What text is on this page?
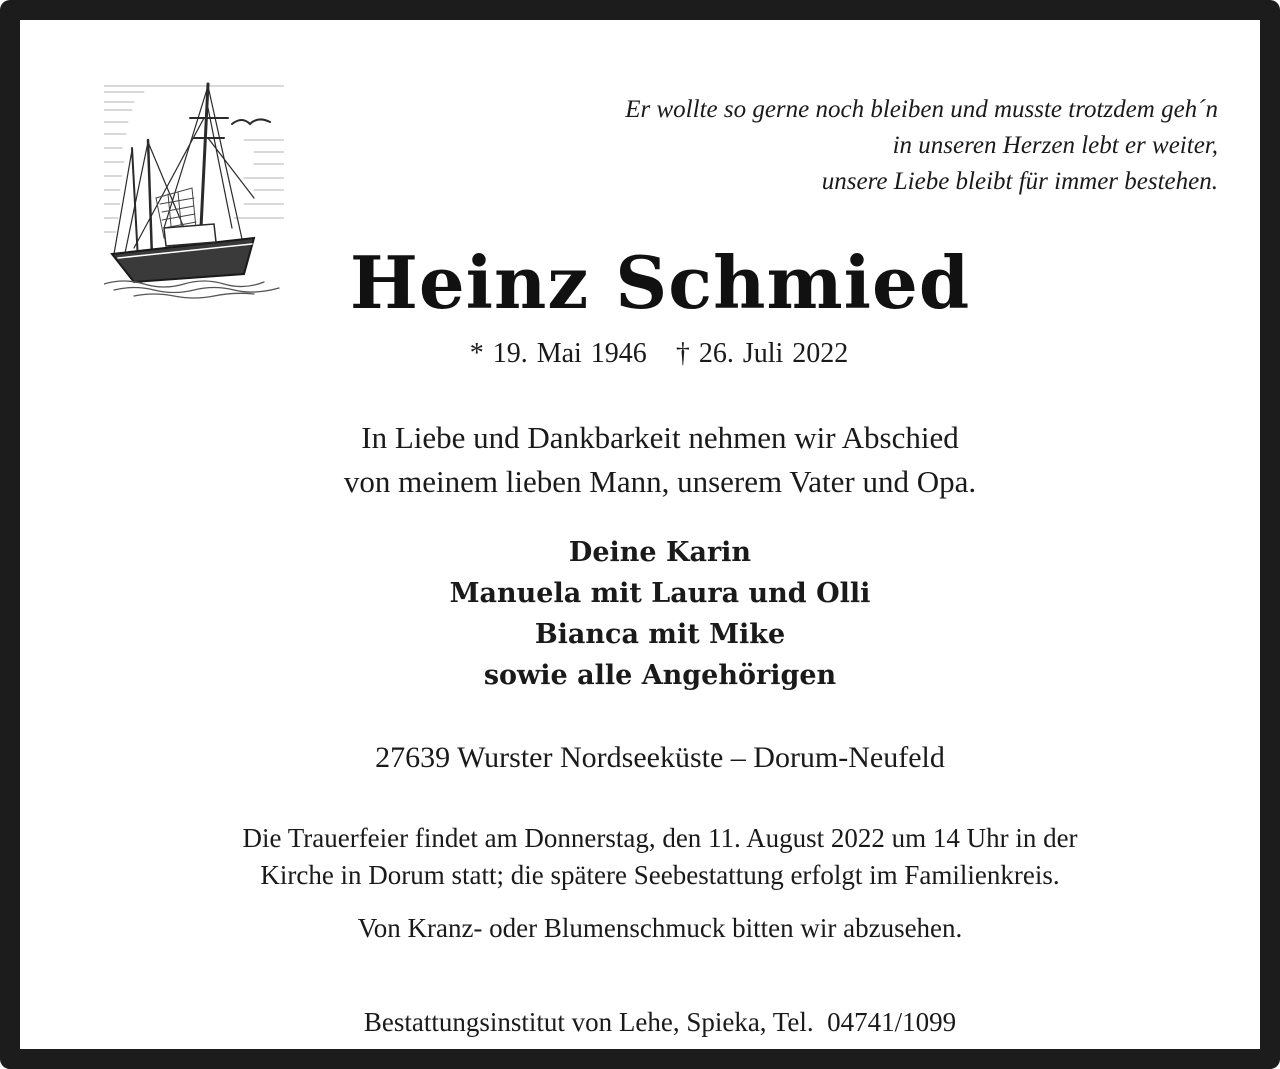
Er wollte so gerne noch bleiben und musste trotzdem geh´n
in unseren Herzen lebt er weiter,
unsere Liebe bleibt für immer bestehen.
Heinz Schmied
* 19. Mai 1946 † 26. Juli 2022
In Liebe und Dankbarkeit nehmen wir Abschied
von meinem lieben Mann, unserem Vater und Opa.
Deine Karin
Manuela mit Laura und Olli
Bianca mit Mike
sowie alle Angehörigen
27639 Wurster Nordseeküste – Dorum-Neufeld
Die Trauerfeier findet am Donnerstag, den 11. August 2022 um 14 Uhr in der
Kirche in Dorum statt; die spätere Seebestattung erfolgt im Familienkreis.
Von Kranz- oder Blumenschmuck bitten wir abzusehen.
Bestattungsinstitut von Lehe, Spieka, Tel.  04741/1099
